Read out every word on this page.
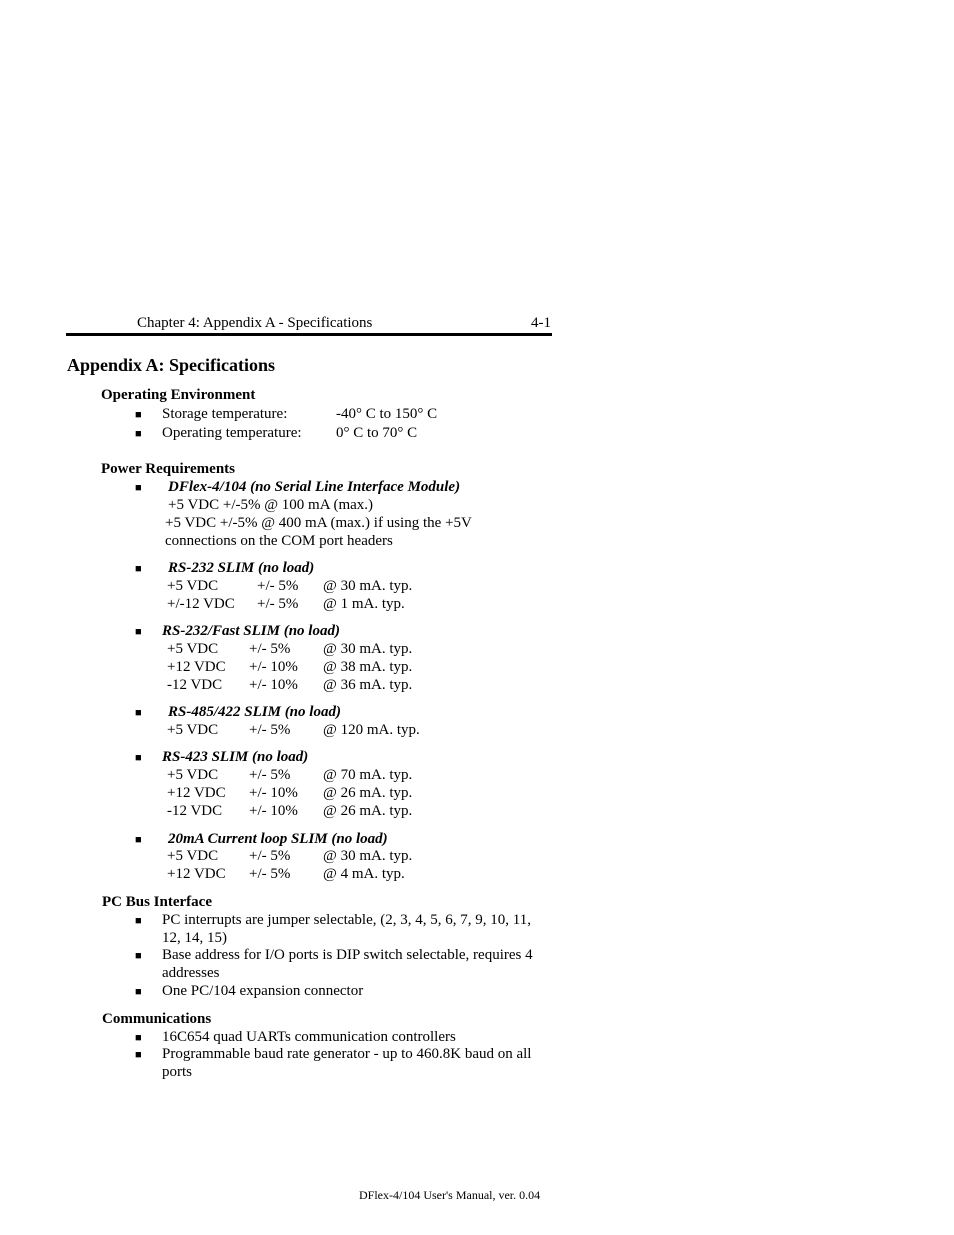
Chapter 4: Appendix A - Specifications	4-1
Appendix A: Specifications
Operating Environment
■ Storage temperature:	-40° C to 150° C
■ Operating temperature: 0° C to 70° C
Power Requirements
■ DFlex-4/104 (no Serial Line Interface Module)
+5 VDC +/-5% @ 100 mA (max.)
+5 VDC +/-5% @ 400 mA (max.) if using the +5V
connections on the COM port headers
■ RS-232 SLIM (no load)
+5 VDC	+/- 5% @ 30 mA. typ.
+/-12 VDC +/- 5% @ 1 mA. typ.
■ RS-232/Fast SLIM (no load)
+5 VDC +/- 5% @ 30 mA. typ.
+12 VDC +/- 10% @ 38 mA. typ.
-12 VDC +/- 10% @ 36 mA. typ.
■ RS-485/422 SLIM (no load)
+5 VDC +/- 5% @ 120 mA. typ.
■ RS-423 SLIM (no load)
+5 VDC +/- 5% @ 70 mA. typ.
+12 VDC +/- 10% @ 26 mA. typ.
-12 VDC +/- 10% @ 26 mA. typ.
■ 20mA Current loop SLIM (no load)
+5 VDC +/- 5% @ 30 mA. typ.
+12 VDC +/- 5% @ 4 mA. typ.
PC Bus Interface
■ PC interrupts are jumper selectable, (2, 3, 4, 5, 6, 7, 9, 10, 11, 12, 14, 15)
■ Base address for I/O ports is DIP switch selectable, requires 4 addresses
■ One PC/104 expansion connector
Communications
■ 16C654 quad UARTs communication controllers
■ Programmable baud rate generator - up to 460.8K baud on all ports
DFlex-4/104 User's Manual, ver. 0.04
